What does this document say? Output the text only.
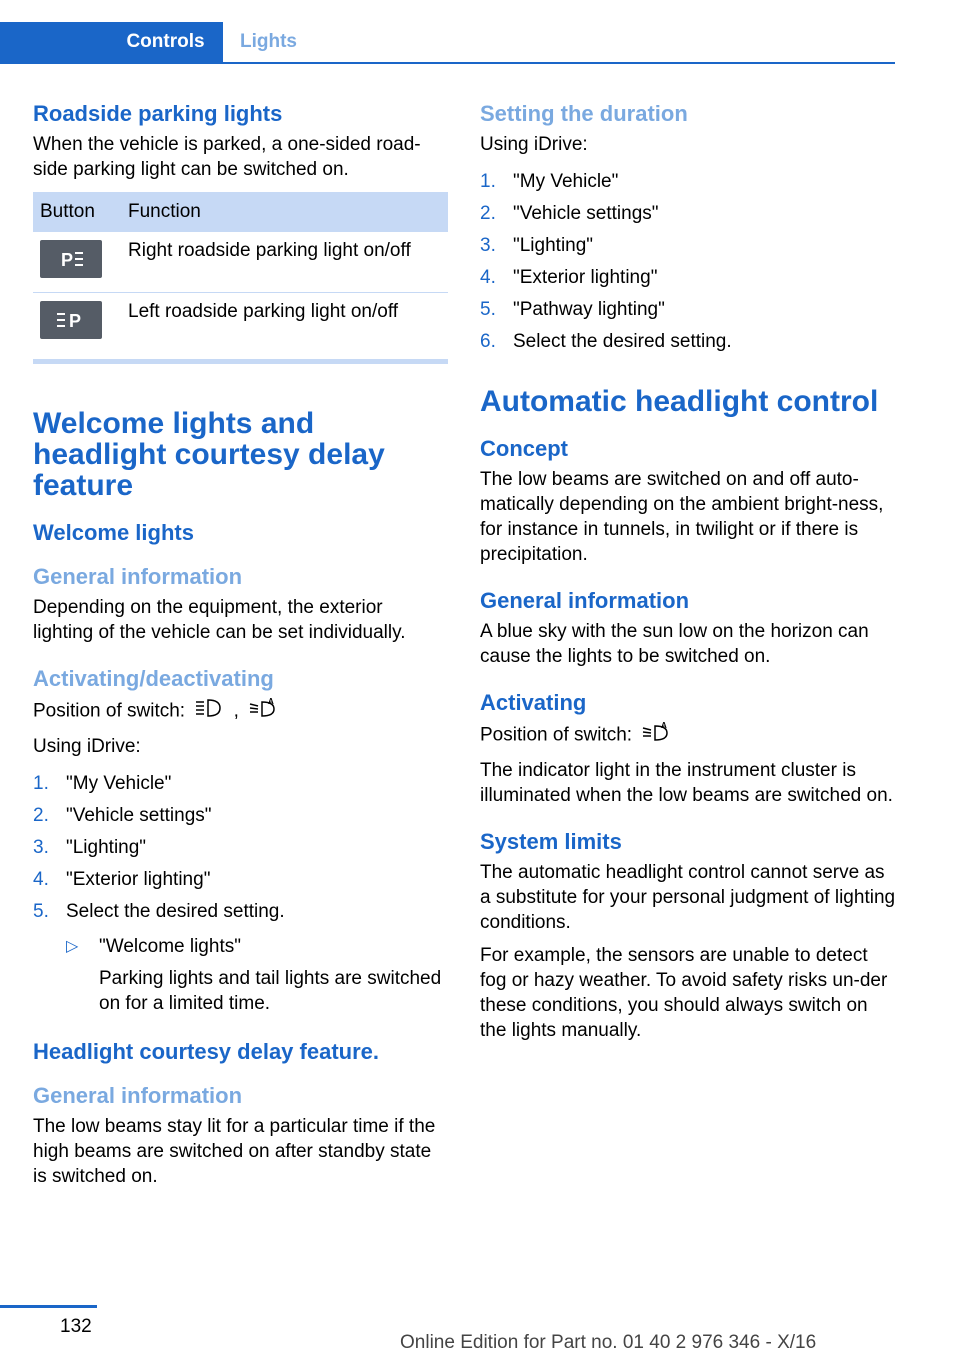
Controls Lights
Roadside parking lights

When the vehicle is parked, a one-sided road-side parking light can be switched on.

Button	Function

P	Right roadside parking light on/off

P	Left roadside parking light on/off
Welcome lights and headlight courtesy delay feature
Welcome lights
General information

Depending on the equipment, the exterior lighting of the vehicle can be set individually.

Activating/deactivating

Position of switch:	,	A

Using iDrive:

1. "My Vehicle"
2. "Vehicle settings"
3. "Lighting"
4. "Exterior lighting"
5. Select the desired setting.
▷ "Welcome lights"
Parking lights and tail lights are switched on for a limited time.
Headlight courtesy delay feature.
General information

The low beams stay lit for a particular time if the high beams are switched on after standby state is switched on.

Setting the duration

Using iDrive:

1. "My Vehicle"
2. "Vehicle settings"
3. "Lighting"
4. "Exterior lighting"
5. "Pathway lighting"
6. Select the desired setting.
Automatic headlight control
Concept

The low beams are switched on and off auto-matically depending on the ambient bright-ness, for instance in tunnels, in twilight or if there is precipitation.

General information

A blue sky with the sun low on the horizon can cause the lights to be switched on.

Activating

Position of switch:	A

The indicator light in the instrument cluster is illuminated when the low beams are switched on.

System limits

The automatic headlight control cannot serve as a substitute for your personal judgment of lighting conditions.

For example, the sensors are unable to detect fog or hazy weather. To avoid safety risks un-der these conditions, you should always switch on the lights manually.

132
Online Edition for Part no. 01 40 2 976 346 - X/16
